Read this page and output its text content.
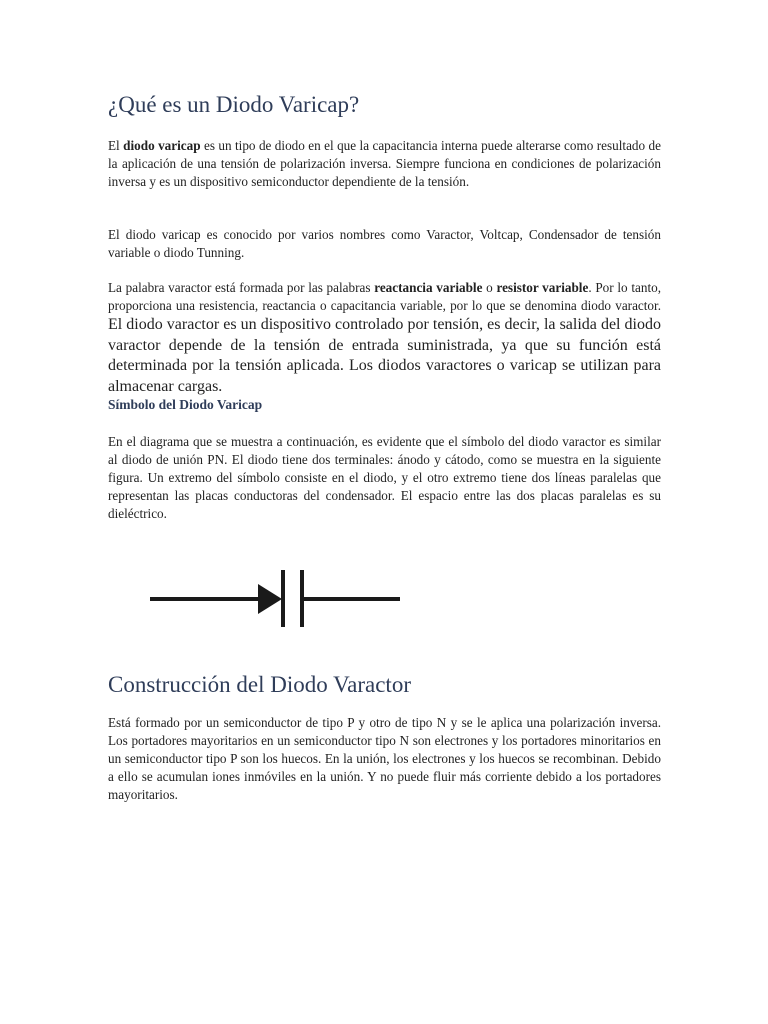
¿Qué es un Diodo Varicap?

El diodo varicap es un tipo de diodo en el que la capacitancia interna puede alterarse como resultado de la aplicación de una tensión de polarización inversa. Siempre funciona en condiciones de polarización inversa y es un dispositivo semiconductor dependiente de la tensión.

El diodo varicap es conocido por varios nombres como Varactor, Voltcap, Condensador de tensión variable o diodo Tunning.

La palabra varactor está formada por las palabras reactancia variable o resistor variable. Por lo tanto, proporciona una resistencia, reactancia o capacitancia variable, por lo que se denomina diodo varactor. El diodo varactor es un dispositivo controlado por tensión, es decir, la salida del diodo varactor depende de la tensión de entrada suministrada, ya que su función está determinada por la tensión aplicada. Los diodos varactores o varicap se utilizan para almacenar cargas.

Símbolo del Diodo Varicap

En el diagrama que se muestra a continuación, es evidente que el símbolo del diodo varactor es similar al diodo de unión PN. El diodo tiene dos terminales: ánodo y cátodo, como se muestra en la siguiente figura. Un extremo del símbolo consiste en el diodo, y el otro extremo tiene dos líneas paralelas que representan las placas conductoras del condensador. El espacio entre las dos placas paralelas es su dieléctrico.

Construcción del Diodo Varactor

Está formado por un semiconductor de tipo P y otro de tipo N y se le aplica una polarización inversa. Los portadores mayoritarios en un semiconductor tipo N son electrones y los portadores minoritarios en un semiconductor tipo P son los huecos. En la unión, los electrones y los huecos se recombinan. Debido a ello se acumulan iones inmóviles en la unión. Y no puede fluir más corriente debido a los portadores mayoritarios.
